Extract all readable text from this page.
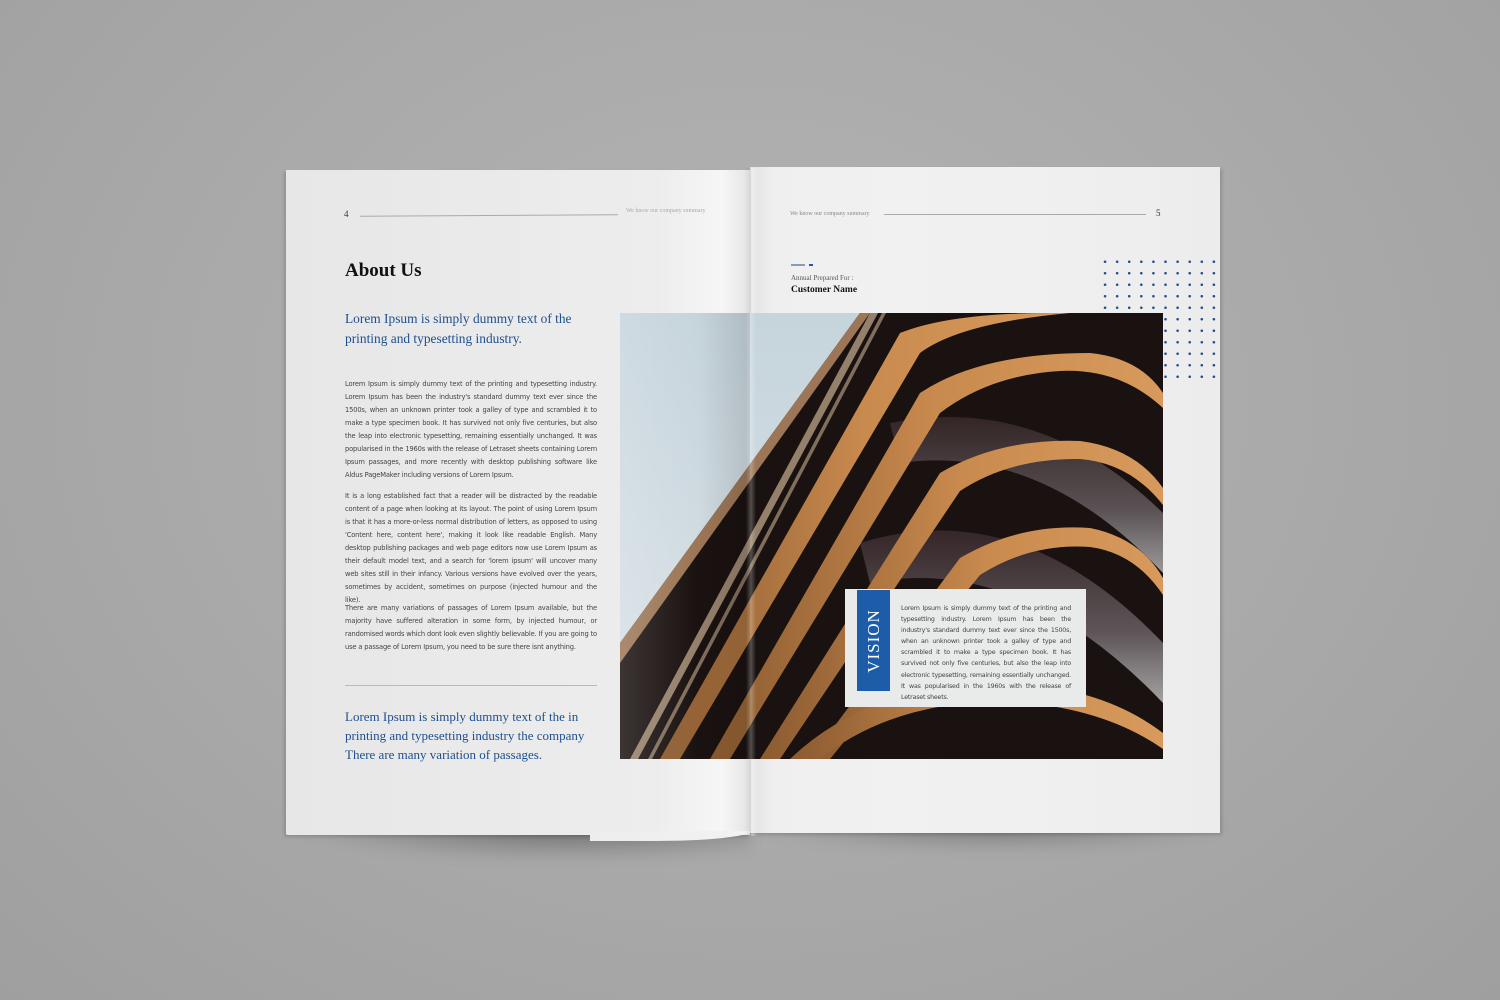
4	We know our company summary	We know our company summary	5
About Us
Lorem Ipsum is simply dummy text of the printing and typesetting industry.
Lorem Ipsum is simply dummy text of the printing and typesetting industry. Lorem Ipsum has been the industry's standard dummy text ever since the 1500s, when an unknown printer took a galley of type and scrambled it to make a type specimen book. It has survived not only five centuries, but also the leap into electronic typesetting, remaining essentially unchanged. It was popularised in the 1960s with the release of Letraset sheets containing Lorem Ipsum passages, and more recently with desktop publishing software like Aldus PageMaker including versions of Lorem Ipsum.
It is a long established fact that a reader will be distracted by the readable content of a page when looking at its layout. The point of using Lorem Ipsum is that it has a more-or-less normal distribution of letters, as opposed to using 'Content here, content here', making it look like readable English. Many desktop publishing packages and web page editors now use Lorem Ipsum as their default model text, and a search for 'lorem ipsum' will uncover many web sites still in their infancy. Various versions have evolved over the years, sometimes by accident, sometimes on purpose (injected humour and the like).
There are many variations of passages of Lorem Ipsum available, but the majority have suffered alteration in some form, by injected humour, or randomised words which dont look even slightly believable. If you are going to use a passage of Lorem Ipsum, you need to be sure there isnt anything.
Lorem Ipsum is simply dummy text of the in printing and typesetting industry the company There are many variation of passages.
Annual Prepared For :
Customer Name
VISION
Lorem Ipsum is simply dummy text of the printing and typesetting industry. Lorem Ipsum has been the industry's standard dummy text ever since the 1500s, when an unknown printer took a galley of type and scrambled it to make a type specimen book. It has survived not only five centuries, but also the leap into electronic typesetting, remaining essentially unchanged. It was popularised in the 1960s with the release of Letraset sheets.
